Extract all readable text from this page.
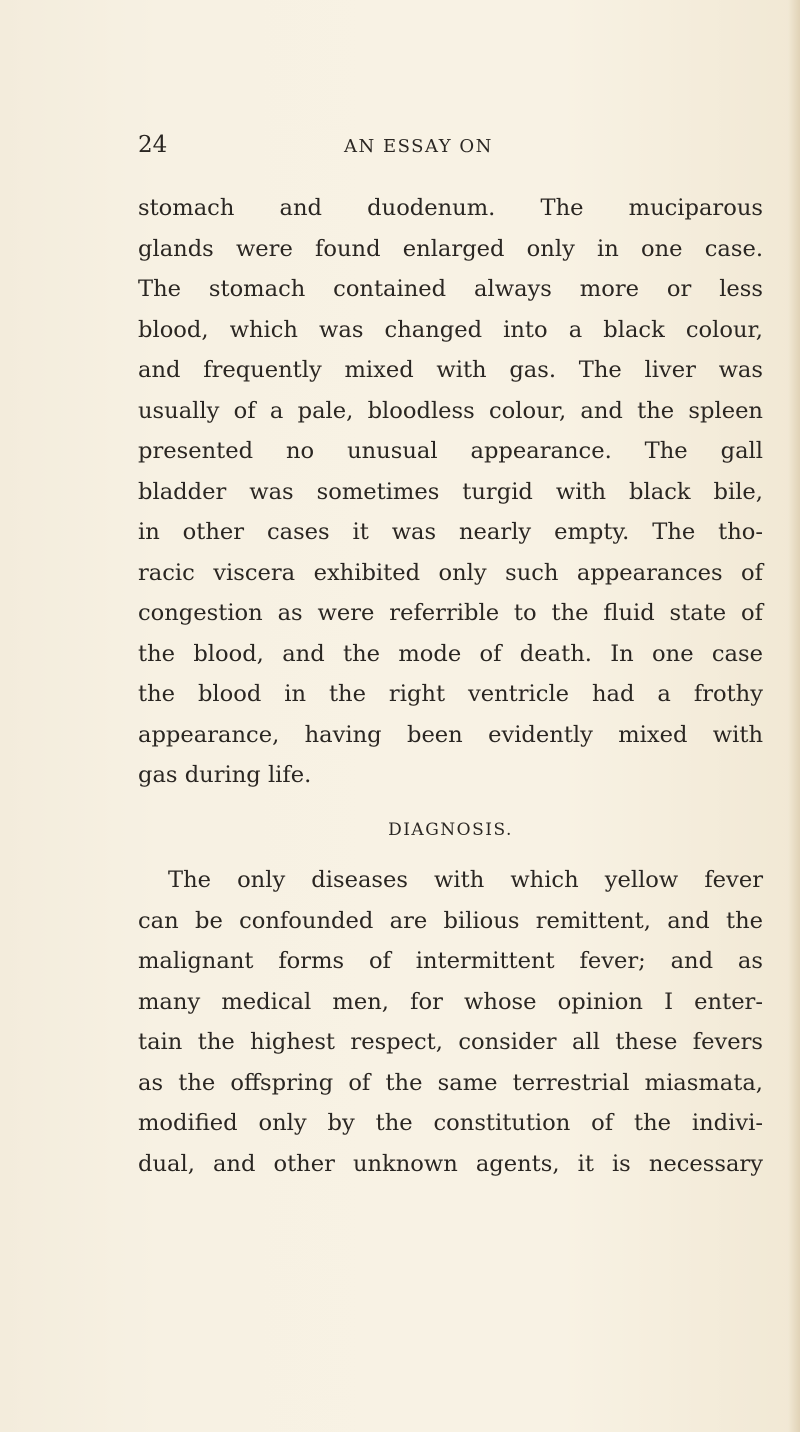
24	AN ESSAY ON
stomach and duodenum. The muciparous
glands were found enlarged only in one case.
The stomach contained always more or less
blood, which was changed into a black colour,
and frequently mixed with gas. The liver was
usually of a pale, bloodless colour, and the spleen
presented no unusual appearance. The gall
bladder was sometimes turgid with black bile,
in other cases it was nearly empty. The tho-
racic viscera exhibited only such appearances of
congestion as were referrible to the fluid state of
the blood, and the mode of death. In one case
the blood in the right ventricle had a frothy
appearance, having been evidently mixed with
gas during life.
DIAGNOSIS.
The only diseases with which yellow fever
can be confounded are bilious remittent, and the
malignant forms of intermittent fever; and as
many medical men, for whose opinion I enter-
tain the highest respect, consider all these fevers
as the offspring of the same terrestrial miasmata,
modified only by the constitution of the indivi-
dual, and other unknown agents, it is necessary
